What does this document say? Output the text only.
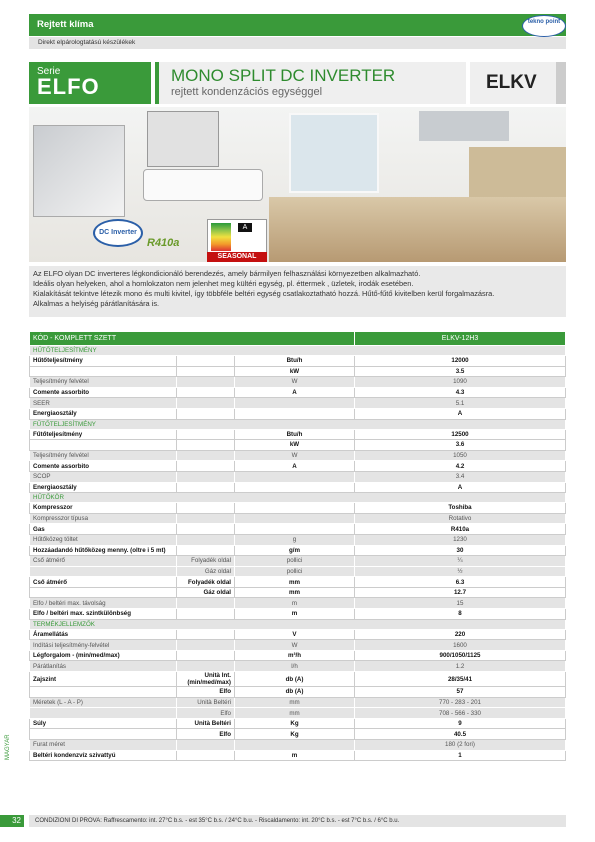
Rejtett klíma	tekno point
Direkt elpárologtatású készülékek
Serie
ELFO	MONO SPLIT DC INVERTER
rejtett kondenzációs egységgel	ELKV
DC Inverter
R410a
A
SEASONAL
Az ELFO olyan DC inverteres légkondicionáló berendezés, amely bármilyen felhasználási környezetben alkalmazható.
Ideális olyan helyeken, ahol a homlokzaton nem jelenhet meg kültéri egység, pl. éttermek , üzletek, irodák esetében.
Kialakítását tekintve létezik mono és multi kivitel, így többféle beltéri egység csatlakoztatható hozzá. Hűtő-fűtő kivitelben kerül forgalmazásra.
Alkalmas a helyiség párátlanítására is.
KÓD - KOMPLETT SZETT			ELKV-12H3
HŰTŐTELJESÍTMÉNY			
Hűtőteljesítmény		Btu/h	12000
		kW	3.5
Teljesítmény felvétel		W	1090
Comente assorbito		A	4.3
SEER			5.1
Energiaosztály			A
FŰTŐTELJESÍTMÉNY			
Fűtőteljesítmény		Btu/h	12500
		kW	3.6
Teljesítmény felvétel		W	1050
Comente assorbito		A	4.2
SCOP			3.4
Energiaosztály			A
HŰTŐKÖR			
Kompresszor			Toshiba
Kompresszor típusa			Rotativo
Gas			R410a
Hűtőközeg töltet		g	1230
Hozzáadandó hűtőközeg menny. (oltre i 5 mt)		g/m	30
Cső átmérő	Folyadék oldal	pollici	¼
	Gáz oldal	pollici	½
Cső átmérő	Folyadék oldal	mm	6.3
	Gáz oldal	mm	12.7
Elfo / beltéri max. távolság		m	15
Elfo / beltéri max. szintkülönbség		m	8
TERMÉKJELLEMZŐK			
Áramellátás		V	220
Indítási teljesítmény-felvétel		W	1600
Légforgalom - (min/med/max)		m³/h	900/1050/1125
Párátlanítás		l/h	1.2
Zajszint	Unità Int. (min/med/max)	db (A)	28/35/41
	Elfo	db (A)	57
Méretek (L - A - P)	Unità Beltéri	mm	770 - 283 - 201
	Elfo	mm	708 - 566 - 330
Súly	Unità Beltéri	Kg	9
	Elfo	Kg	40.5
Furat méret			180 (2 fori)
Beltéri kondenzvíz szivattyú		m	1
MAGYAR
32	CONDIZIONI DI PROVA: Raffrescamento: int. 27°C b.s. - est 35°C b.s. / 24°C b.u. - Riscaldamento: int. 20°C b.s. - est 7°C b.s. / 6°C b.u.
